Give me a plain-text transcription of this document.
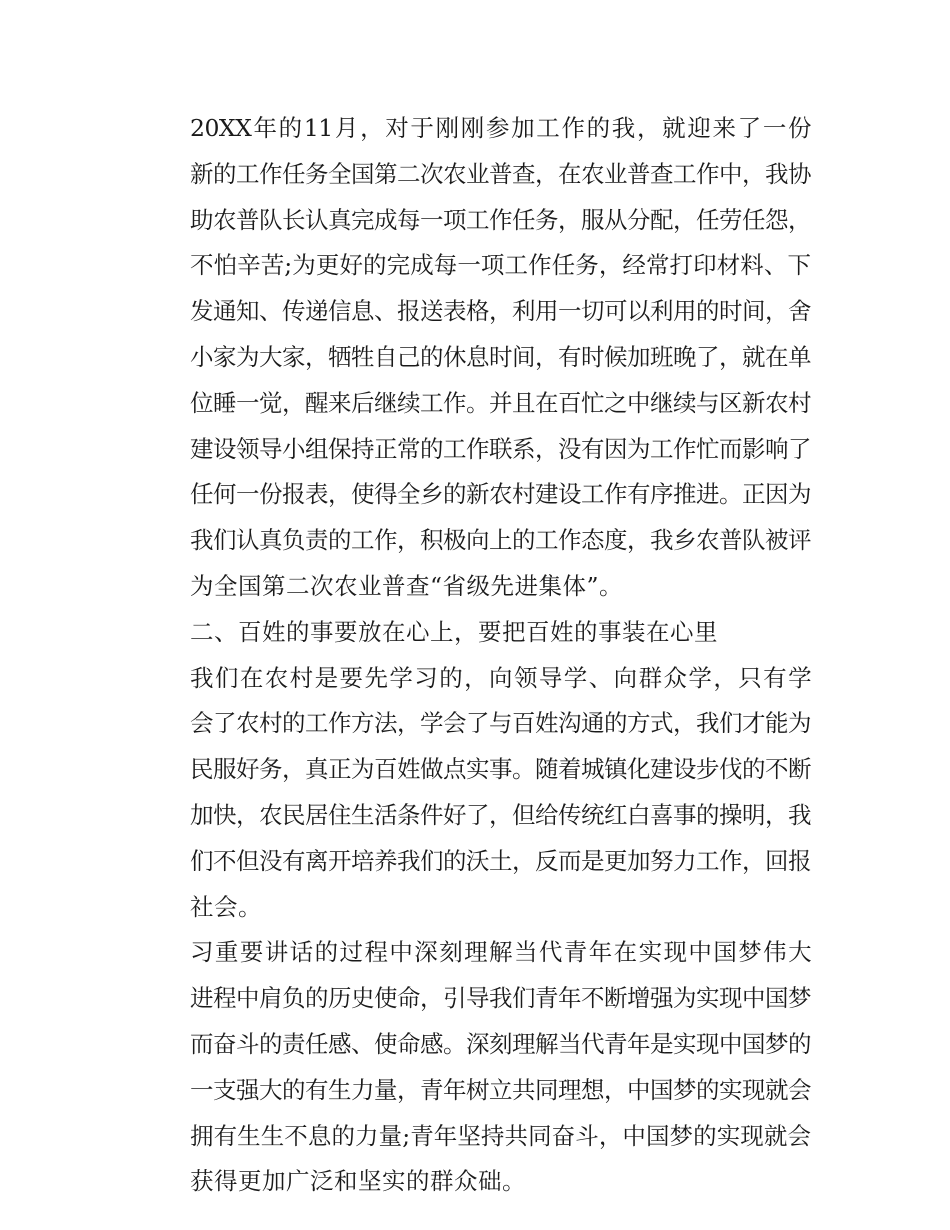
20XX年的11月，对于刚刚参加工作的我，就迎来了一份
新的工作任务全国第二次农业普查，在农业普查工作中，我协
助农普队长认真完成每一项工作任务，服从分配，任劳任怨，
不怕辛苦;为更好的完成每一项工作任务，经常打印材料、下
发通知、传递信息、报送表格，利用一切可以利用的时间，舍
小家为大家，牺牲自己的休息时间，有时候加班晚了，就在单
位睡一觉，醒来后继续工作。并且在百忙之中继续与区新农村
建设领导小组保持正常的工作联系，没有因为工作忙而影响了
任何一份报表，使得全乡的新农村建设工作有序推进。正因为
我们认真负责的工作，积极向上的工作态度，我乡农普队被评
为全国第二次农业普查“省级先进集体”。

二、百姓的事要放在心上，要把百姓的事装在心里

我们在农村是要先学习的，向领导学、向群众学，只有学
会了农村的工作方法，学会了与百姓沟通的方式，我们才能为
民服好务，真正为百姓做点实事。随着城镇化建设步伐的不断
加快，农民居住生活条件好了，但给传统红白喜事的操明，我
们不但没有离开培养我们的沃土，反而是更加努力工作，回报
社会。

习重要讲话的过程中深刻理解当代青年在实现中国梦伟大
进程中肩负的历史使命，引导我们青年不断增强为实现中国梦
而奋斗的责任感、使命感。深刻理解当代青年是实现中国梦的
一支强大的有生力量，青年树立共同理想，中国梦的实现就会
拥有生生不息的力量;青年坚持共同奋斗，中国梦的实现就会
获得更加广泛和坚实的群众础。
